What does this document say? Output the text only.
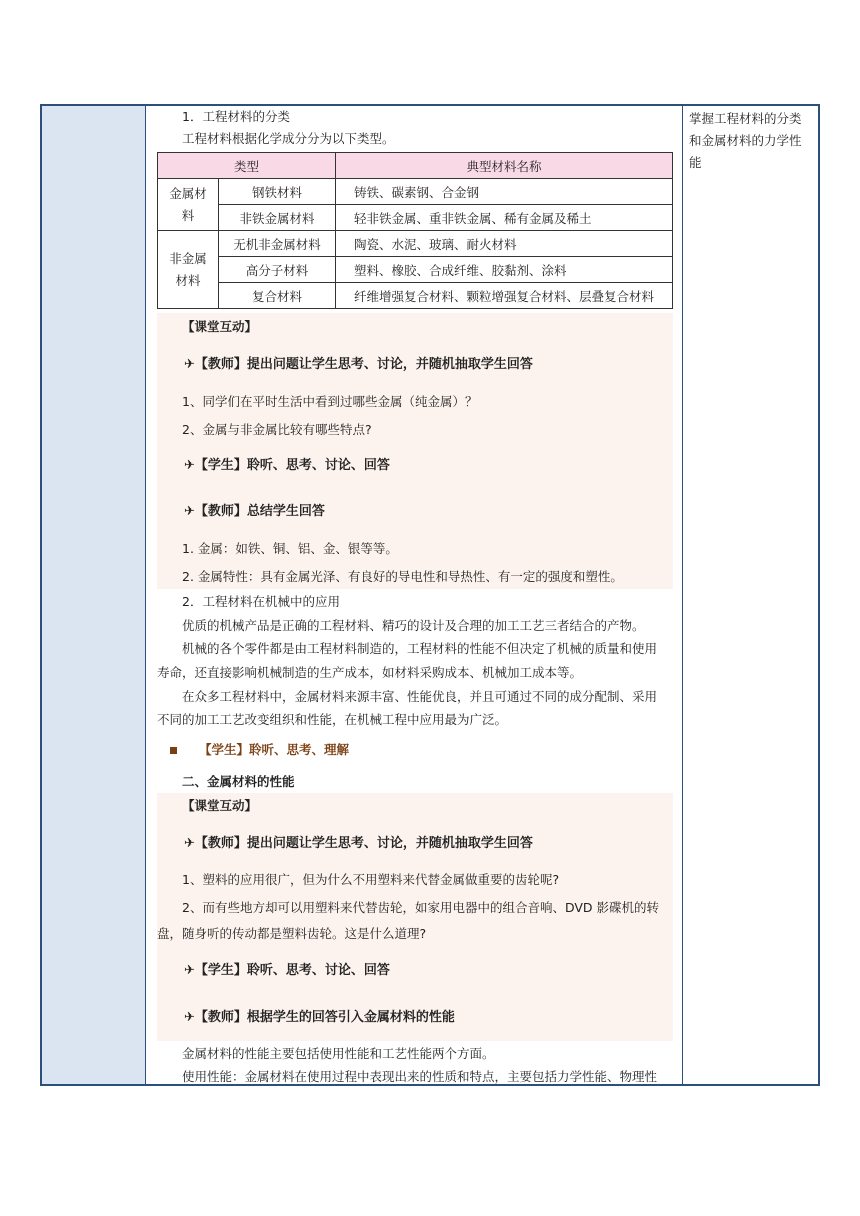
掌握工程材料的分类和金属材料的力学性能
1．工程材料的分类
工程材料根据化学成分分为以下类型。
类型		典型材料名称
金属材料	钢铁材料	铸铁、碳素钢、合金钢
	非铁金属材料	轻非铁金属、重非铁金属、稀有金属及稀土
非金属材料	无机非金属材料	陶瓷、水泥、玻璃、耐火材料
	高分子材料	塑料、橡胶、合成纤维、胶黏剂、涂料
	复合材料	纤维增强复合材料、颗粒增强复合材料、层叠复合材料
【课堂互动】
✈【教师】提出问题让学生思考、讨论，并随机抽取学生回答
1、同学们在平时生活中看到过哪些金属（纯金属）？
2、金属与非金属比较有哪些特点?
✈【学生】聆听、思考、讨论、回答
✈【教师】总结学生回答
1. 金属：如铁、铜、铝、金、银等等。
2. 金属特性：具有金属光泽、有良好的导电性和导热性、有一定的强度和塑性。
2．工程材料在机械中的应用
优质的机械产品是正确的工程材料、精巧的设计及合理的加工工艺三者结合的产物。
机械的各个零件都是由工程材料制造的，工程材料的性能不但决定了机械的质量和使用
寿命，还直接影响机械制造的生产成本，如材料采购成本、机械加工成本等。
在众多工程材料中，金属材料来源丰富、性能优良，并且可通过不同的成分配制、采用
不同的加工工艺改变组织和性能，在机械工程中应用最为广泛。
【学生】聆听、思考、理解
二、金属材料的性能
【课堂互动】
✈【教师】提出问题让学生思考、讨论，并随机抽取学生回答
1、塑料的应用很广，但为什么不用塑料来代替金属做重要的齿轮呢?
2、而有些地方却可以用塑料来代替齿轮，如家用电器中的组合音响、DVD 影碟机的转
盘，随身听的传动都是塑料齿轮。这是什么道理?
✈【学生】聆听、思考、讨论、回答
✈【教师】根据学生的回答引入金属材料的性能
金属材料的性能主要包括使用性能和工艺性能两个方面。
使用性能：金属材料在使用过程中表现出来的性质和特点，主要包括力学性能、物理性
